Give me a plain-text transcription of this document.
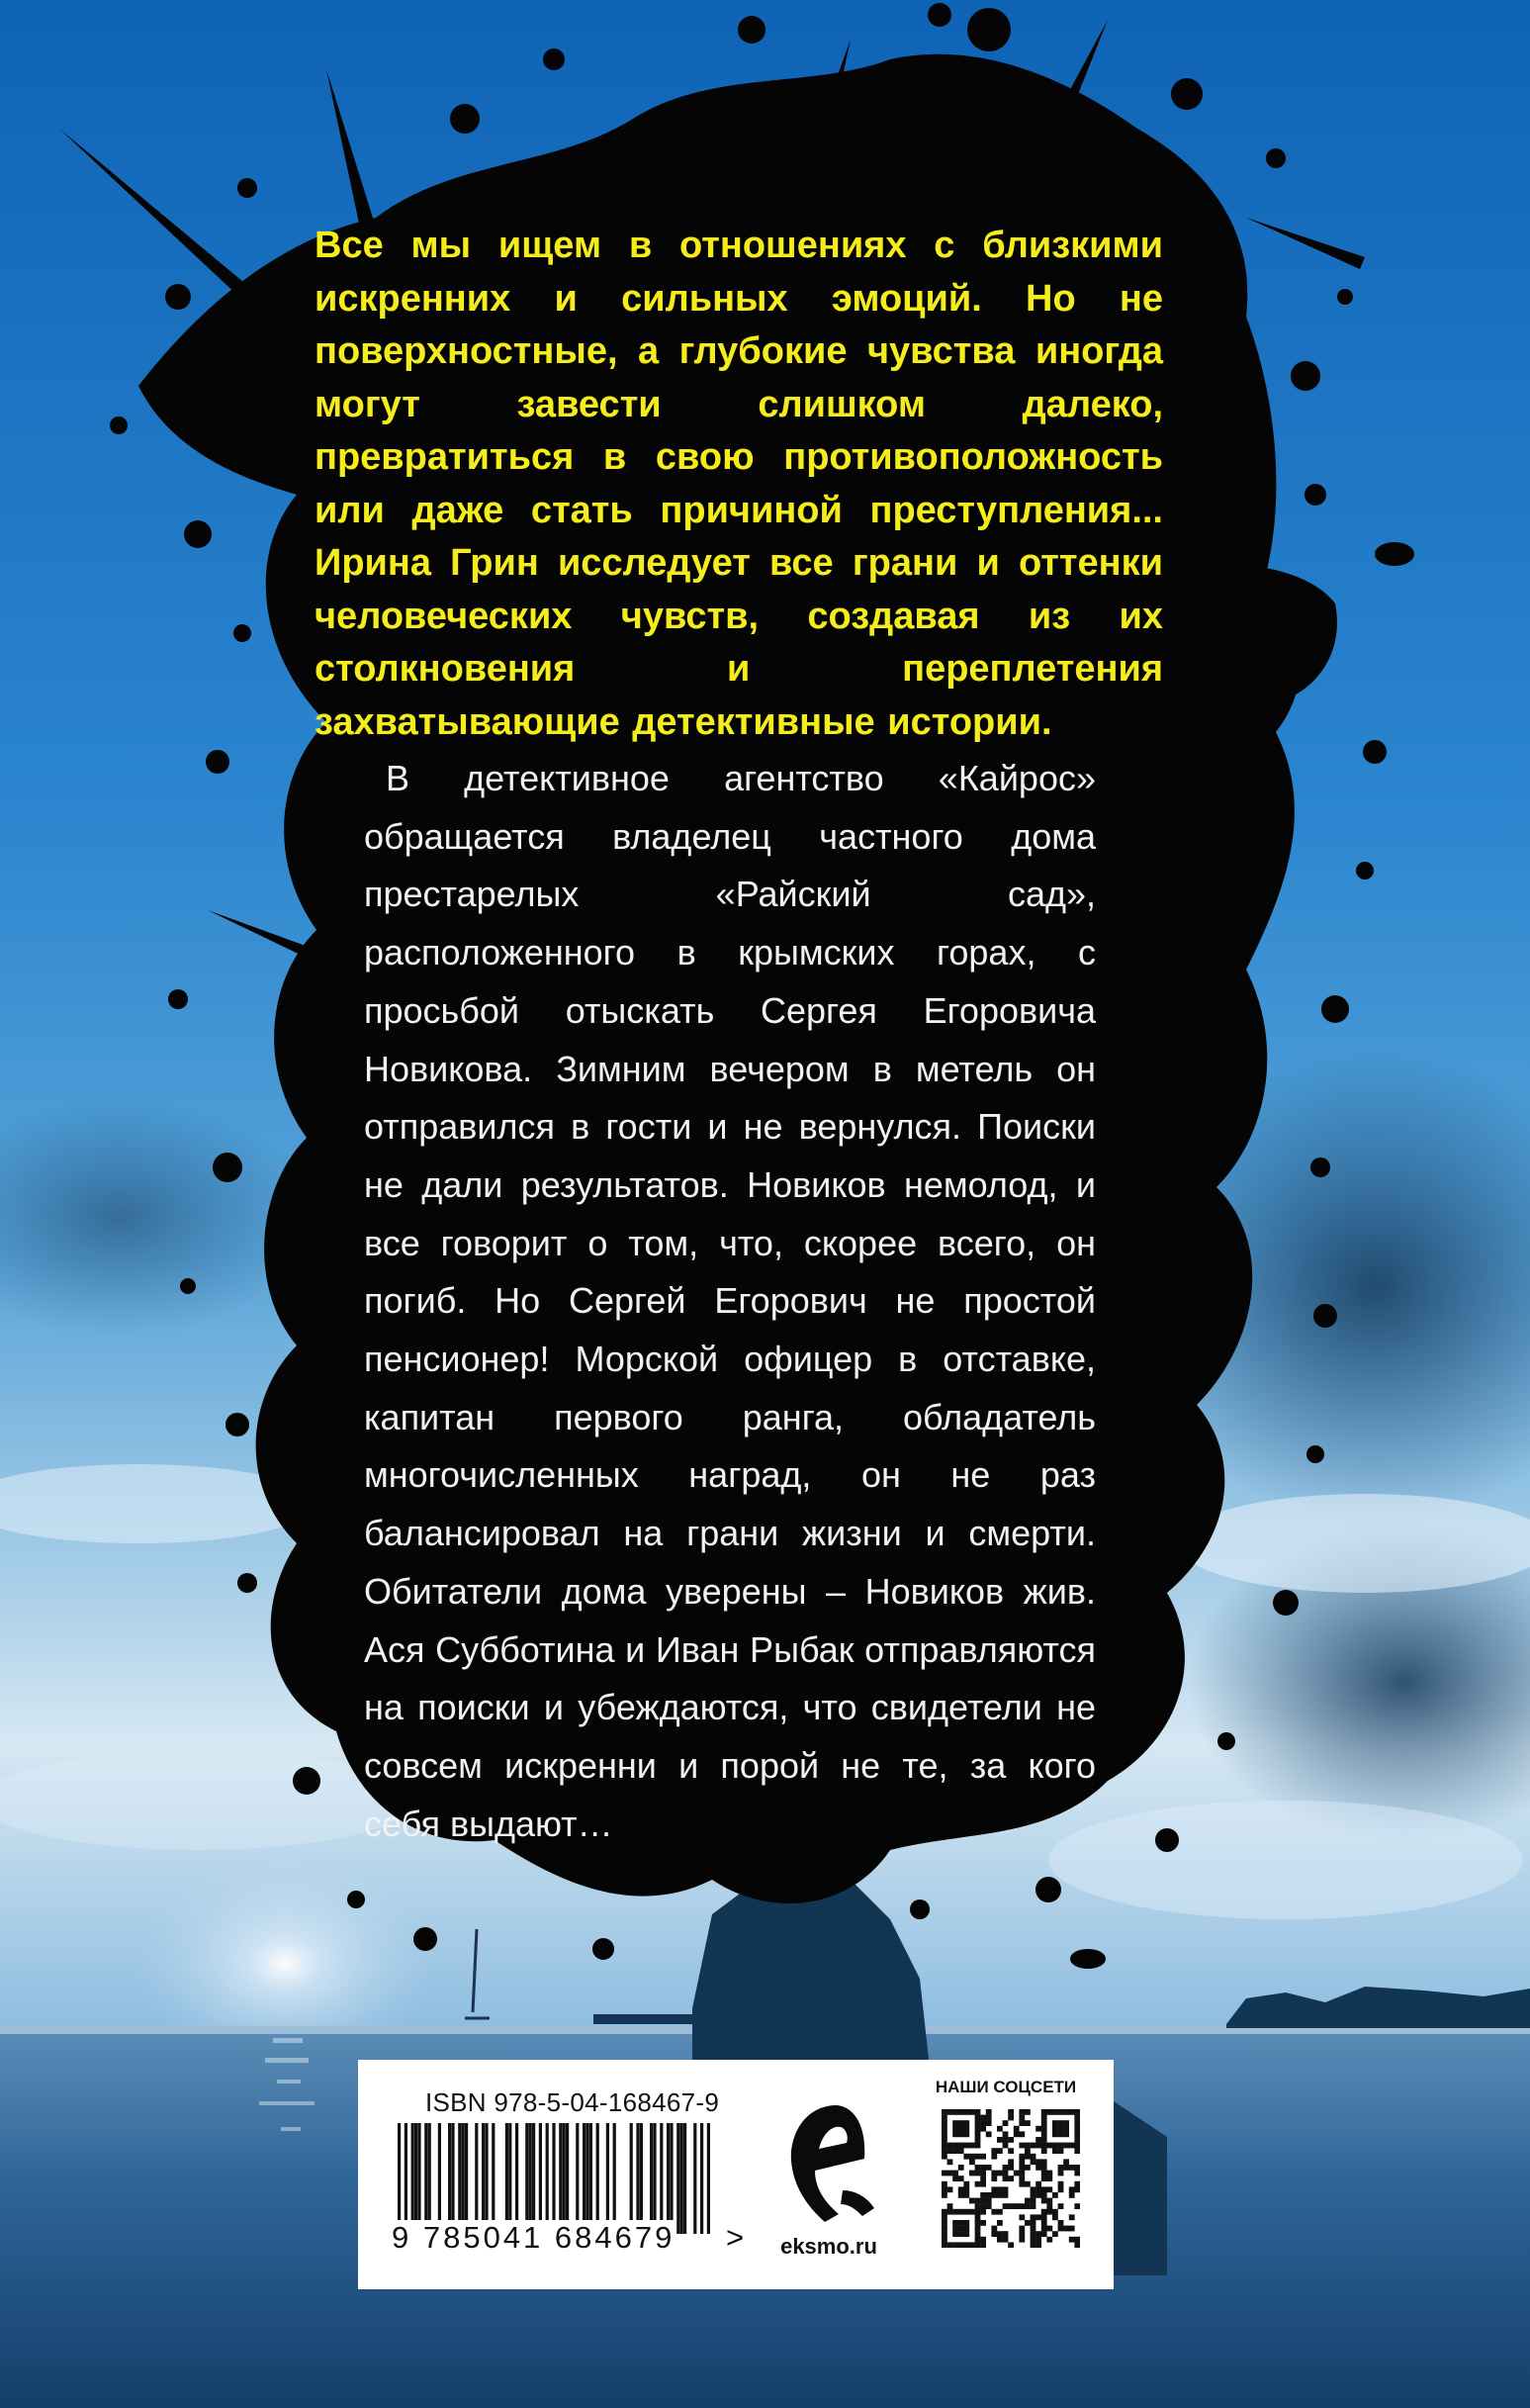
Все мы ищем в отношениях с близкими искренних и сильных эмоций. Но не поверхностные, а глубокие чувства иногда могут завести слишком далеко, превратиться в свою противоположность или даже стать причиной преступления... Ирина Грин исследует все грани и оттенки человеческих чувств, создавая из их столкновения и переплетения захватывающие детективные истории.
В детективное агентство «Кайрос» обращается владелец частного дома престарелых «Райский сад», расположенного в крымских горах, с просьбой отыскать Сергея Егоровича Новикова. Зимним вечером в метель он отправился в гости и не вернулся. Поиски не дали результатов. Новиков немолод, и все говорит о том, что, скорее всего, он погиб. Но Сергей Егорович не простой пенсионер! Морской офицер в отставке, капитан первого ранга, обладатель многочисленных наград, он не раз балансировал на грани жизни и смерти. Обитатели дома уверены – Новиков жив. Ася Субботина и Иван Рыбак отправляются на поиски и убеждаются, что свидетели не совсем искренни и порой не те, за кого себя выдают…
ISBN 978-5-04-168467-9
9 785041 684679 >	eksmo.ru
НАШИ СОЦСЕТИ
